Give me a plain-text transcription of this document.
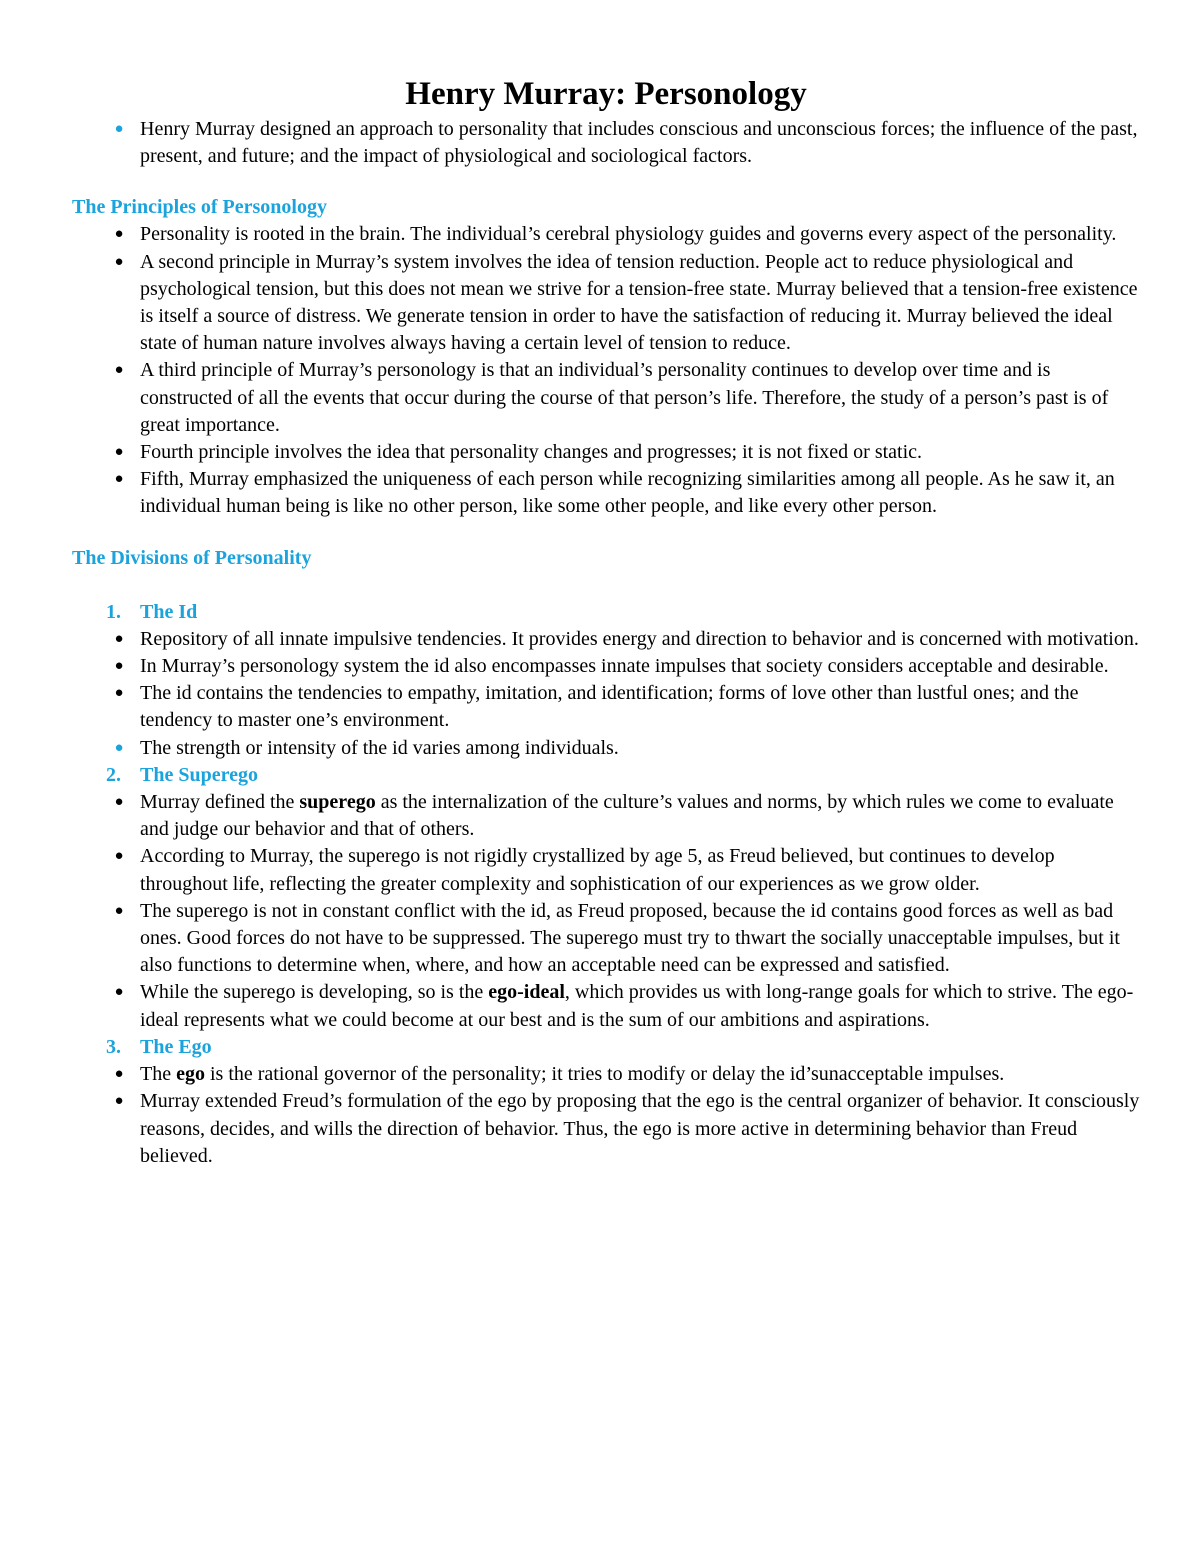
Henry Murray: Personology
● Henry Murray designed an approach to personality that includes conscious and unconscious forces; the influence of the past, present, and future; and the impact of physiological and sociological factors.
The Principles of Personology
● Personality is rooted in the brain. The individual’s cerebral physiology guides and governs every aspect of the personality.
● A second principle in Murray’s system involves the idea of tension reduction. People act to reduce physiological and psychological tension, but this does not mean we strive for a tension-free state. Murray believed that a tension-free existence is itself a source of distress. We generate tension in order to have the satisfaction of reducing it. Murray believed the ideal state of human nature involves always having a certain level of tension to reduce.
● A third principle of Murray’s personology is that an individual’s personality continues to develop over time and is constructed of all the events that occur during the course of that person’s life. Therefore, the study of a person’s past is of great importance.
● Fourth principle involves the idea that personality changes and progresses; it is not fixed or static.
● Fifth, Murray emphasized the uniqueness of each person while recognizing similarities among all people. As he saw it, an individual human being is like no other person, like some other people, and like every other person.
The Divisions of Personality
1. The Id
● Repository of all innate impulsive tendencies. It provides energy and direction to behavior and is concerned with motivation.
● In Murray’s personology system the id also encompasses innate impulses that society considers acceptable and desirable.
● The id contains the tendencies to empathy, imitation, and identification; forms of love other than lustful ones; and the tendency to master one’s environment.
● The strength or intensity of the id varies among individuals.
2. The Superego
● Murray defined the superego as the internalization of the culture’s values and norms, by which rules we come to evaluate and judge our behavior and that of others.
● According to Murray, the superego is not rigidly crystallized by age 5, as Freud believed, but continues to develop throughout life, reflecting the greater complexity and sophistication of our experiences as we grow older.
● The superego is not in constant conflict with the id, as Freud proposed, because the id contains good forces as well as bad ones. Good forces do not have to be suppressed. The superego must try to thwart the socially unacceptable impulses, but it also functions to determine when, where, and how an acceptable need can be expressed and satisfied.
● While the superego is developing, so is the ego-ideal, which provides us with long-range goals for which to strive. The ego-ideal represents what we could become at our best and is the sum of our ambitions and aspirations.
3. The Ego
● The ego is the rational governor of the personality; it tries to modify or delay the id’sunacceptable impulses.
● Murray extended Freud’s formulation of the ego by proposing that the ego is the central organizer of behavior. It consciously reasons, decides, and wills the direction of behavior. Thus, the ego is more active in determining behavior than Freud believed.
